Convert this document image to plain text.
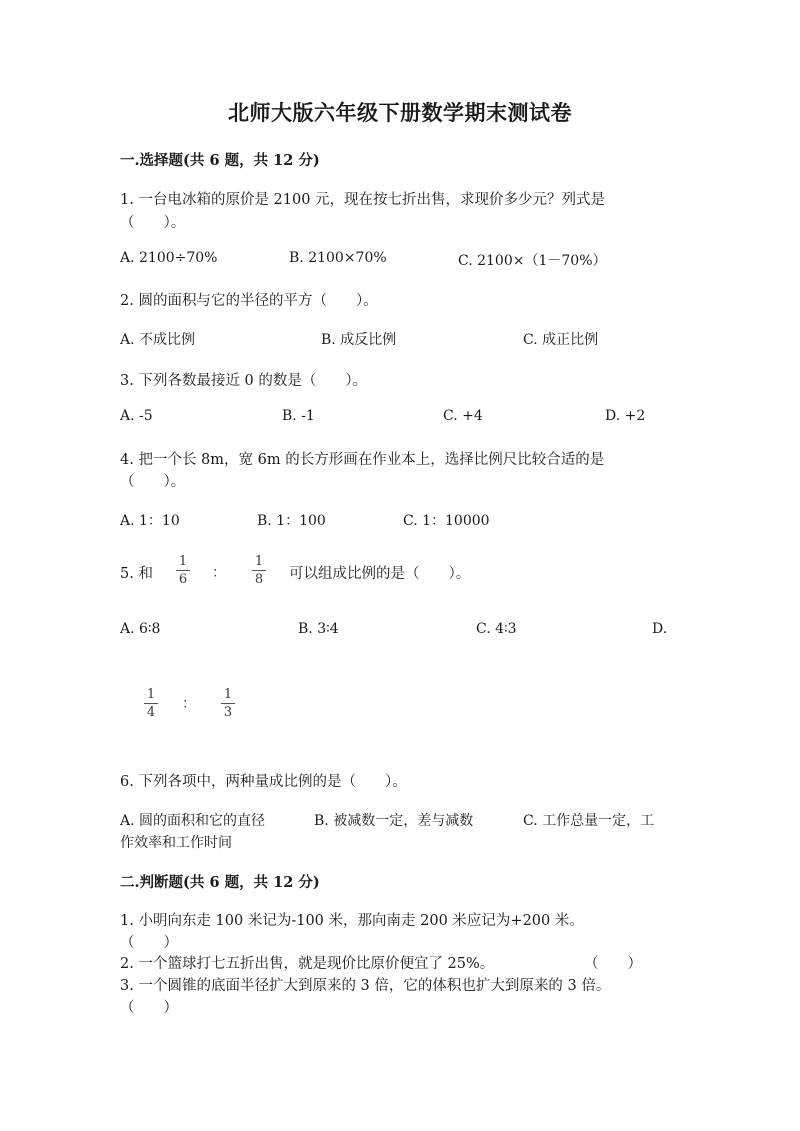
北师大版六年级下册数学期末测试卷
一.选择题(共 6 题，共 12 分)
1. 一台电冰箱的原价是 2100 元，现在按七折出售，求现价多少元？列式是
（　　）。
A. 2100÷70%	B. 2100×70%	C. 2100×（1－70%）
2. 圆的面积与它的半径的平方（　　）。
A. 不成比例	B. 成反比例	C. 成正比例
3. 下列各数最接近 0 的数是（　　）。
A. -5	B. -1	C. +4	D. +2
4. 把一个长 8m，宽 6m 的长方形画在作业本上，选择比例尺比较合适的是
（　　）。
A. 1：10	B. 1：100	C. 1：10000
5. 和
1
6	：
1
8	可以组成比例的是（　　）。
A. 6∶8	B. 3∶4	C. 4∶3	D.
1
4
：
1
3
6. 下列各项中，两种量成比例的是（　　）。
A. 圆的面积和它的直径	B. 被减数一定，差与减数	C. 工作总量一定，工
作效率和工作时间
二.判断题(共 6 题，共 12 分)
1. 小明向东走 100 米记为-100 米，那向南走 200 米应记为+200 米。
（　　）
2. 一个篮球打七五折出售，就是现价比原价便宜了 25%。	（　　）
3. 一个圆锥的底面半径扩大到原来的 3 倍，它的体积也扩大到原来的 3 倍。
（　　）
